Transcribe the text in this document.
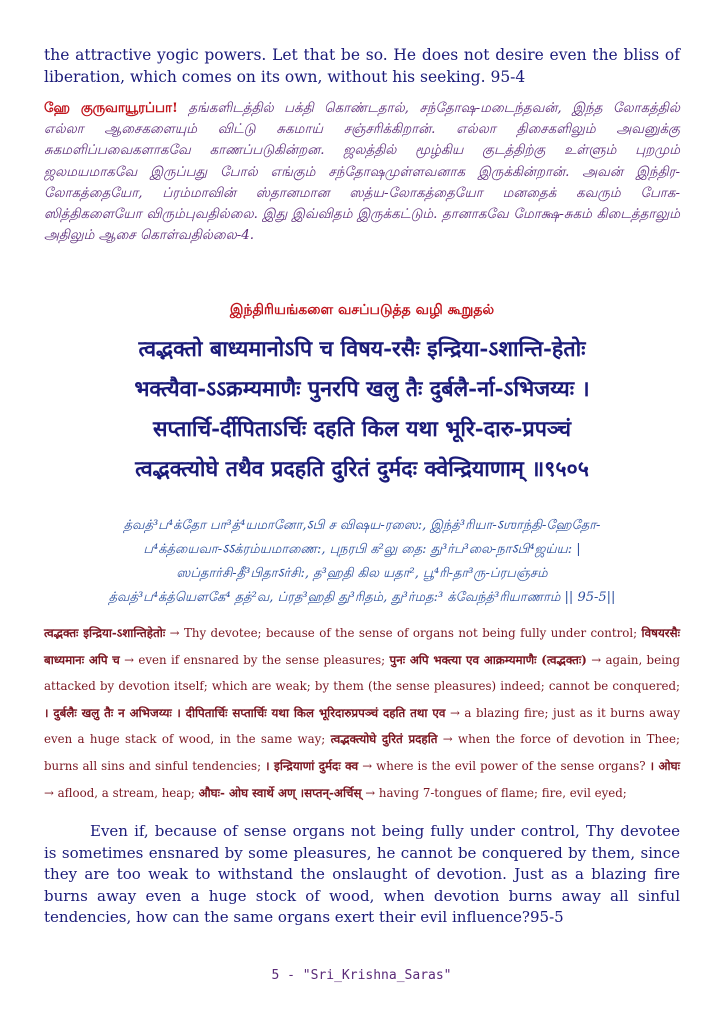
the attractive yogic powers. Let that be so. He does not desire even the bliss of liberation, which comes on its own, without his seeking. 95-4

ஹே குருவாயூரப்பா! தங்களிடத்தில் பக்தி கொண்டதால், சந்தோஷ-மடைந்தவன், இந்த லோகத்தில் எல்லா ஆசைகளையும் விட்டு சுகமாய் சஞ்சரிக்கிறான். எல்லா திசைகளிலும் அவனுக்கு சுகமளிப்பவைகளாகவே காணப்படுகின்றன. ஜலத்தில் மூழ்கிய குடத்திற்கு உள்ளும் புறமும் ஜலமயமாகவே இருப்பது போல் எங்கும் சந்தோஷமுள்ளவனாக இருக்கின்றான். அவன் இந்திர-லோகத்தையோ, ப்ரம்மாவின் ஸ்தானமான ஸத்ய-லோகத்தையோ மனதைக் கவரும் போக-ஸித்திகளையோ விரும்புவதில்லை. இது இவ்விதம் இருக்கட்டும். தானாகவே மோக்ஷ-சுகம் கிடைத்தாலும் அதிலும் ஆசை கொள்வதில்லை-4.

இந்திரியங்களை வசப்படுத்த வழி கூறுதல்
त्वद्भक्तो बाध्यमानोऽपि च विषय-रसैः इन्द्रिया-ऽशान्ति-हेतोः
भक्त्यैवा-ऽऽक्रम्यमाणैः पुनरपि खलु तैः दुर्बलै-र्ना-ऽभिजय्यः ।
सप्तार्चि-र्दीपिताऽर्चिः दहति किल यथा भूरि-दारु-प्रपञ्चं
त्वद्भक्त्योघे तथैव प्रदहति दुरितं दुर्मदः क्वेन्द्रियाणाम् ॥९५०५
த்வத்³ப⁴க்தோ பா³த்⁴யமானோ,ऽபி ச விஷய-ரஸை:, இந்த்³ரியா-ऽஶாந்தி-ஹேதோ-
ப⁴க்த்யைவா-ऽऽக்ரம்யமாணை:, புநரபி க²லு தை: து³ர்ப³லை-நாऽபி⁴ஜய்ய: |
ஸப்தார்சி-தீ³பிதாऽர்சி:, த³ஹதி கில யதா², பூ⁴ரி-தா³ரு-ப்ரபஞ்சம்
த்வத்³ப⁴க்த்யௌகே⁴ தத்²வ, ப்ரத³ஹதி து³ரிதம், து³ர்மத:³ க்வேந்த்³ரியாணாம் || 95-5||

त्वद्भक्तः इन्द्रिया-ऽशान्तिहेतोः → Thy devotee; because of the sense of organs not being fully under control; विषयरसैः बाध्यमानः अपि च → even if ensnared by the sense pleasures; पुनः अपि भक्त्या एव आक्रम्यमाणैः (त्वद्भक्तः) → again, being attacked by devotion itself; which are weak; by them (the sense pleasures) indeed; cannot be conquered; । दुर्बलैः खलु तैः न अभिजय्यः । दीपितार्चिः सप्तार्चिः यथा किल भूरिदारुप्रपञ्चं दहति तथा एव → a blazing fire; just as it burns away even a huge stack of wood, in the same way; त्वद्भक्त्योघे दुरितं प्रदहति → when the force of devotion in Thee; burns all sins and sinful tendencies; । इन्द्रियाणां दुर्मदः क्व → where is the evil power of the sense organs? । ओघः → aflood, a stream, heap; औघः- ओघ स्वार्थे अण् ।सप्तन्-अर्चिस् → having 7-tongues of flame; fire, evil eyed;

Even if, because of sense organs not being fully under control, Thy devotee is sometimes ensnared by some pleasures, he cannot be conquered by them, since they are too weak to withstand the onslaught of devotion. Just as a blazing fire burns away even a huge stock of wood, when devotion burns away all sinful tendencies, how can the same organs exert their evil influence?95-5

5 - "Sri_Krishna_Saras"
